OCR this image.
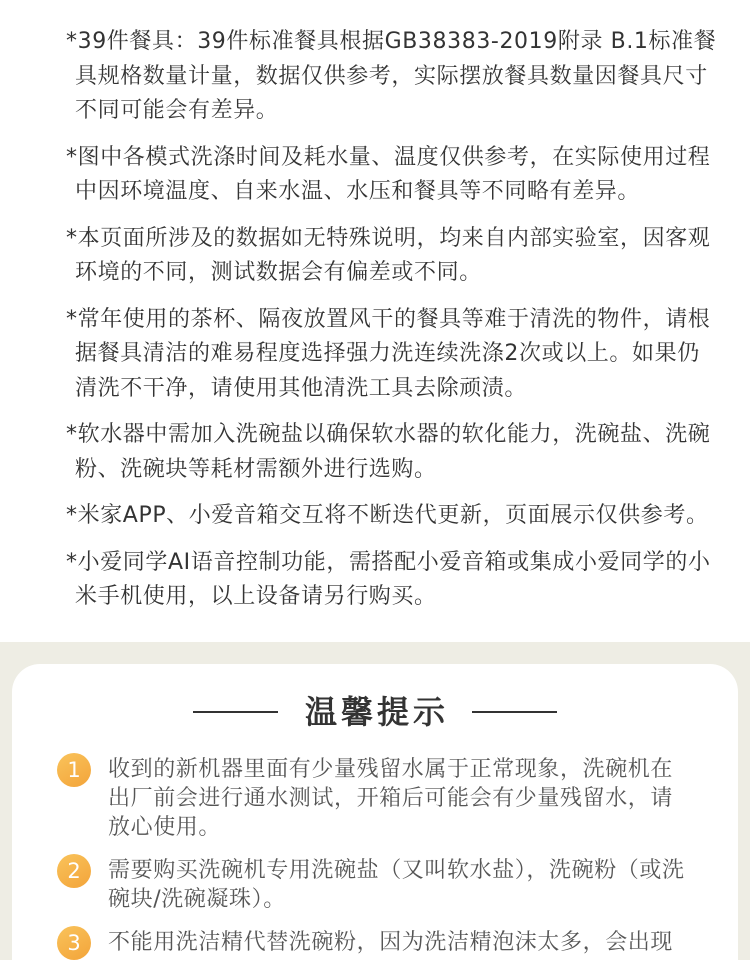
*39件餐具：39件标准餐具根据GB38383-2019附录 B.1标准餐
具规格数量计量，数据仅供参考，实际摆放餐具数量因餐具尺寸
不同可能会有差异。
*图中各模式洗涤时间及耗水量、温度仅供参考，在实际使用过程
中因环境温度、自来水温、水压和餐具等不同略有差异。
*本页面所涉及的数据如无特殊说明，均来自内部实验室，因客观
环境的不同，测试数据会有偏差或不同。
*常年使用的茶杯、隔夜放置风干的餐具等难于清洗的物件，请根
据餐具清洁的难易程度选择强力洗连续洗涤2次或以上。如果仍
清洗不干净，请使用其他清洗工具去除顽渍。
*软水器中需加入洗碗盐以确保软水器的软化能力，洗碗盐、洗碗
粉、洗碗块等耗材需额外进行选购。
*米家APP、小爱音箱交互将不断迭代更新，页面展示仅供参考。
*小爱同学AI语音控制功能，需搭配小爱音箱或集成小爱同学的小
米手机使用，以上设备请另行购买。
温馨提示
1	收到的新机器里面有少量残留水属于正常现象，洗碗机在
出厂前会进行通水测试，开箱后可能会有少量残留水，请
放心使用。
2	需要购买洗碗机专用洗碗盐（又叫软水盐），洗碗粉（或洗
碗块/洗碗凝珠）。
3	不能用洗洁精代替洗碗粉，因为洗洁精泡沫太多，会出现
